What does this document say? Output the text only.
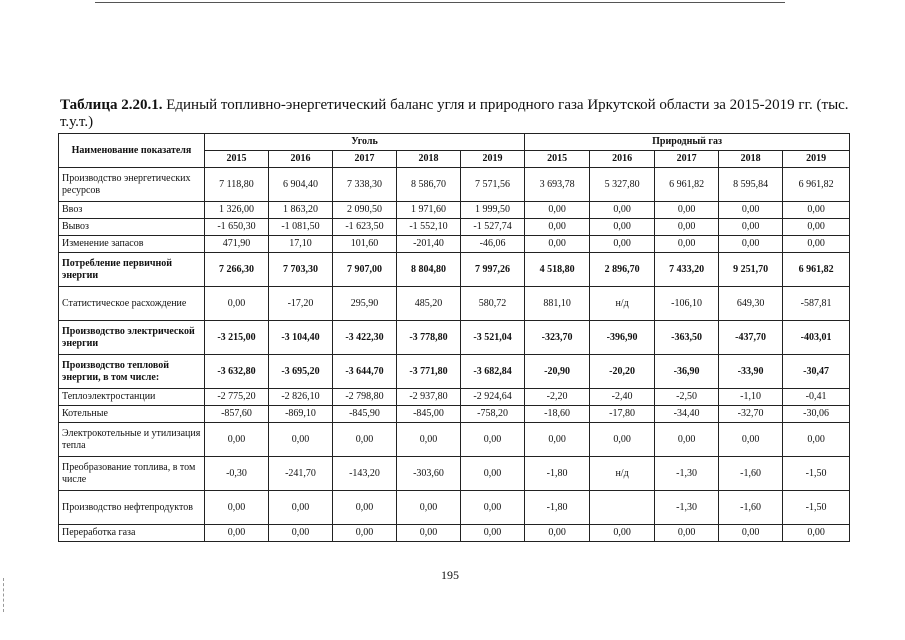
Таблица 2.20.1. Единый топливно-энергетический баланс угля и природного газа Иркутской области за 2015-2019 гг. (тыс. т.у.т.)
Наименование показателя	Уголь					Природный газ				
	2015	2016	2017	2018	2019	2015	2016	2017	2018	2019
Производство энергетических ресурсов	7 118,80	6 904,40	7 338,30	8 586,70	7 571,56	3 693,78	5 327,80	6 961,82	8 595,84	6 961,82
Ввоз	1 326,00	1 863,20	2 090,50	1 971,60	1 999,50	0,00	0,00	0,00	0,00	0,00
Вывоз	-1 650,30	-1 081,50	-1 623,50	-1 552,10	-1 527,74	0,00	0,00	0,00	0,00	0,00
Изменение запасов	471,90	17,10	101,60	-201,40	-46,06	0,00	0,00	0,00	0,00	0,00
Потребление первичной энергии	7 266,30	7 703,30	7 907,00	8 804,80	7 997,26	4 518,80	2 896,70	7 433,20	9 251,70	6 961,82
Статистическое расхождение	0,00	-17,20	295,90	485,20	580,72	881,10	н/д	-106,10	649,30	-587,81
Производство электрической энергии	-3 215,00	-3 104,40	-3 422,30	-3 778,80	-3 521,04	-323,70	-396,90	-363,50	-437,70	-403,01
Производство тепловой энергии, в том числе:	-3 632,80	-3 695,20	-3 644,70	-3 771,80	-3 682,84	-20,90	-20,20	-36,90	-33,90	-30,47
Теплоэлектростанции	-2 775,20	-2 826,10	-2 798,80	-2 937,80	-2 924,64	-2,20	-2,40	-2,50	-1,10	-0,41
Котельные	-857,60	-869,10	-845,90	-845,00	-758,20	-18,60	-17,80	-34,40	-32,70	-30,06
Электрокотельные и утилизация тепла	0,00	0,00	0,00	0,00	0,00	0,00	0,00	0,00	0,00	0,00
Преобразование топлива, в том числе	-0,30	-241,70	-143,20	-303,60	0,00	-1,80	н/д	-1,30	-1,60	-1,50
Производство нефтепродуктов	0,00	0,00	0,00	0,00	0,00	-1,80		-1,30	-1,60	-1,50
Переработка газа	0,00	0,00	0,00	0,00	0,00	0,00	0,00	0,00	0,00	0,00
195
